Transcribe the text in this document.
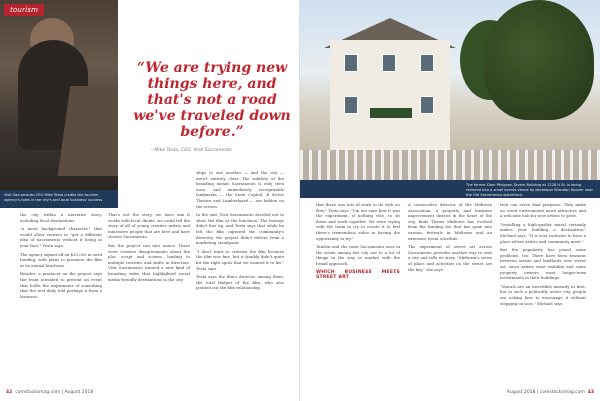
tourism
Visit Sacramento CEO Mike Testa credits the tourism agency's roles in the city's and local business' success.
“We are trying new things here, and that's not a road we've traveled down before.”
—Mike Testa, CEO, Visit Sacramento

the city within a narrative story, including local destinations

"a more background character," that would allow viewers to "get a different idea of Sacramento without it being in your face," Testa says.

The agency signed off on $35,000 in seed funding, with plans to premiere the film at its annual luncheon.

Besides, a producer on the project says the team intended to present an event that holds the imprimatur of something that the rest daily fold perhaps it from a business.

That's not the story, we have mix it works with local clients, we could tell the story of all of young creative artists and innovative people that are here and have chosen Sacramento.

But the project ran into issues. There were creative disagreements about the plot, script and scenes, leading to multiple rewrites and shifts in direction. Visit Sacramento wanted a new kind of branding video that highlighted social media-friendly destinations in the city.

ships to one another — and the city — aren't entirely clear. The subtlety of the branding means Sacramento is only seen once, and immediately recognizable landmarks — the State Capitol, B Street Theatre and Lumberlyard — are hidden on the screen.

In the end, Visit Sacramento decided not to show the film at the luncheon. The footage didn't line up, and Testa says that while he felt the film captured the community's diversity, the project didn't deliver from a marketing standpoint.

"I don't want to criticize the film because the film was fine, but it frankly didn't quite hit the right spots that we wanted it to hit," Testa says.

Testa says the film's director, among them, the total budget of the film, who also pointed out the film relationship.

42 comstocksmag.com | August 2018
The former Dom Pérignon Tavern Building at 1228 H St. is being restored into a small events venue by developer Brandon Hoover near the Old Sacramento waterfront.

that there was lots of work to do with no flow," Testa says. "I'm not sure how it was the experiment, if nothing else, to sit down and work together. We were trying with the team to try to create it to feel there's tremendous value in having the opportunity to try."

Tandon and the taste Sacramento uses in the seeds among the city are to a lot of things in the way to market with the brand approach.

WHICH BUSINESS MEETS STREET ART

A consecutive director of the Midtown Association, a property and business improvement district in the heart of the city, finds Theme Midtown has evolved from the funding fee that has gone into various festivals in Midtown and an extensive event schedule.

The experiment of street art across Sacramento provides another way to visit a city and tells its story. "Midtown's sense of place and activities on the street are the key," she says.

tech can serve dual purposes. They make an event environment more attractive and a welcome hub for new artists to grow.

"Installing a high-quality mural certainly makes your building a destination," Michael says. "It is very inclusive to have a place where artists and community meet."

But the popularity has posed some problems, too. There have been tensions between artists and landlords over street art, since artists want visibility and some property owners want longer-term investments in their buildings.

"Murals are an incredible amenity at first, but in such a politically active city, people are asking how to encourage it without stepping on toes," Michael says.

August 2018 | comstocksmag.com 43
